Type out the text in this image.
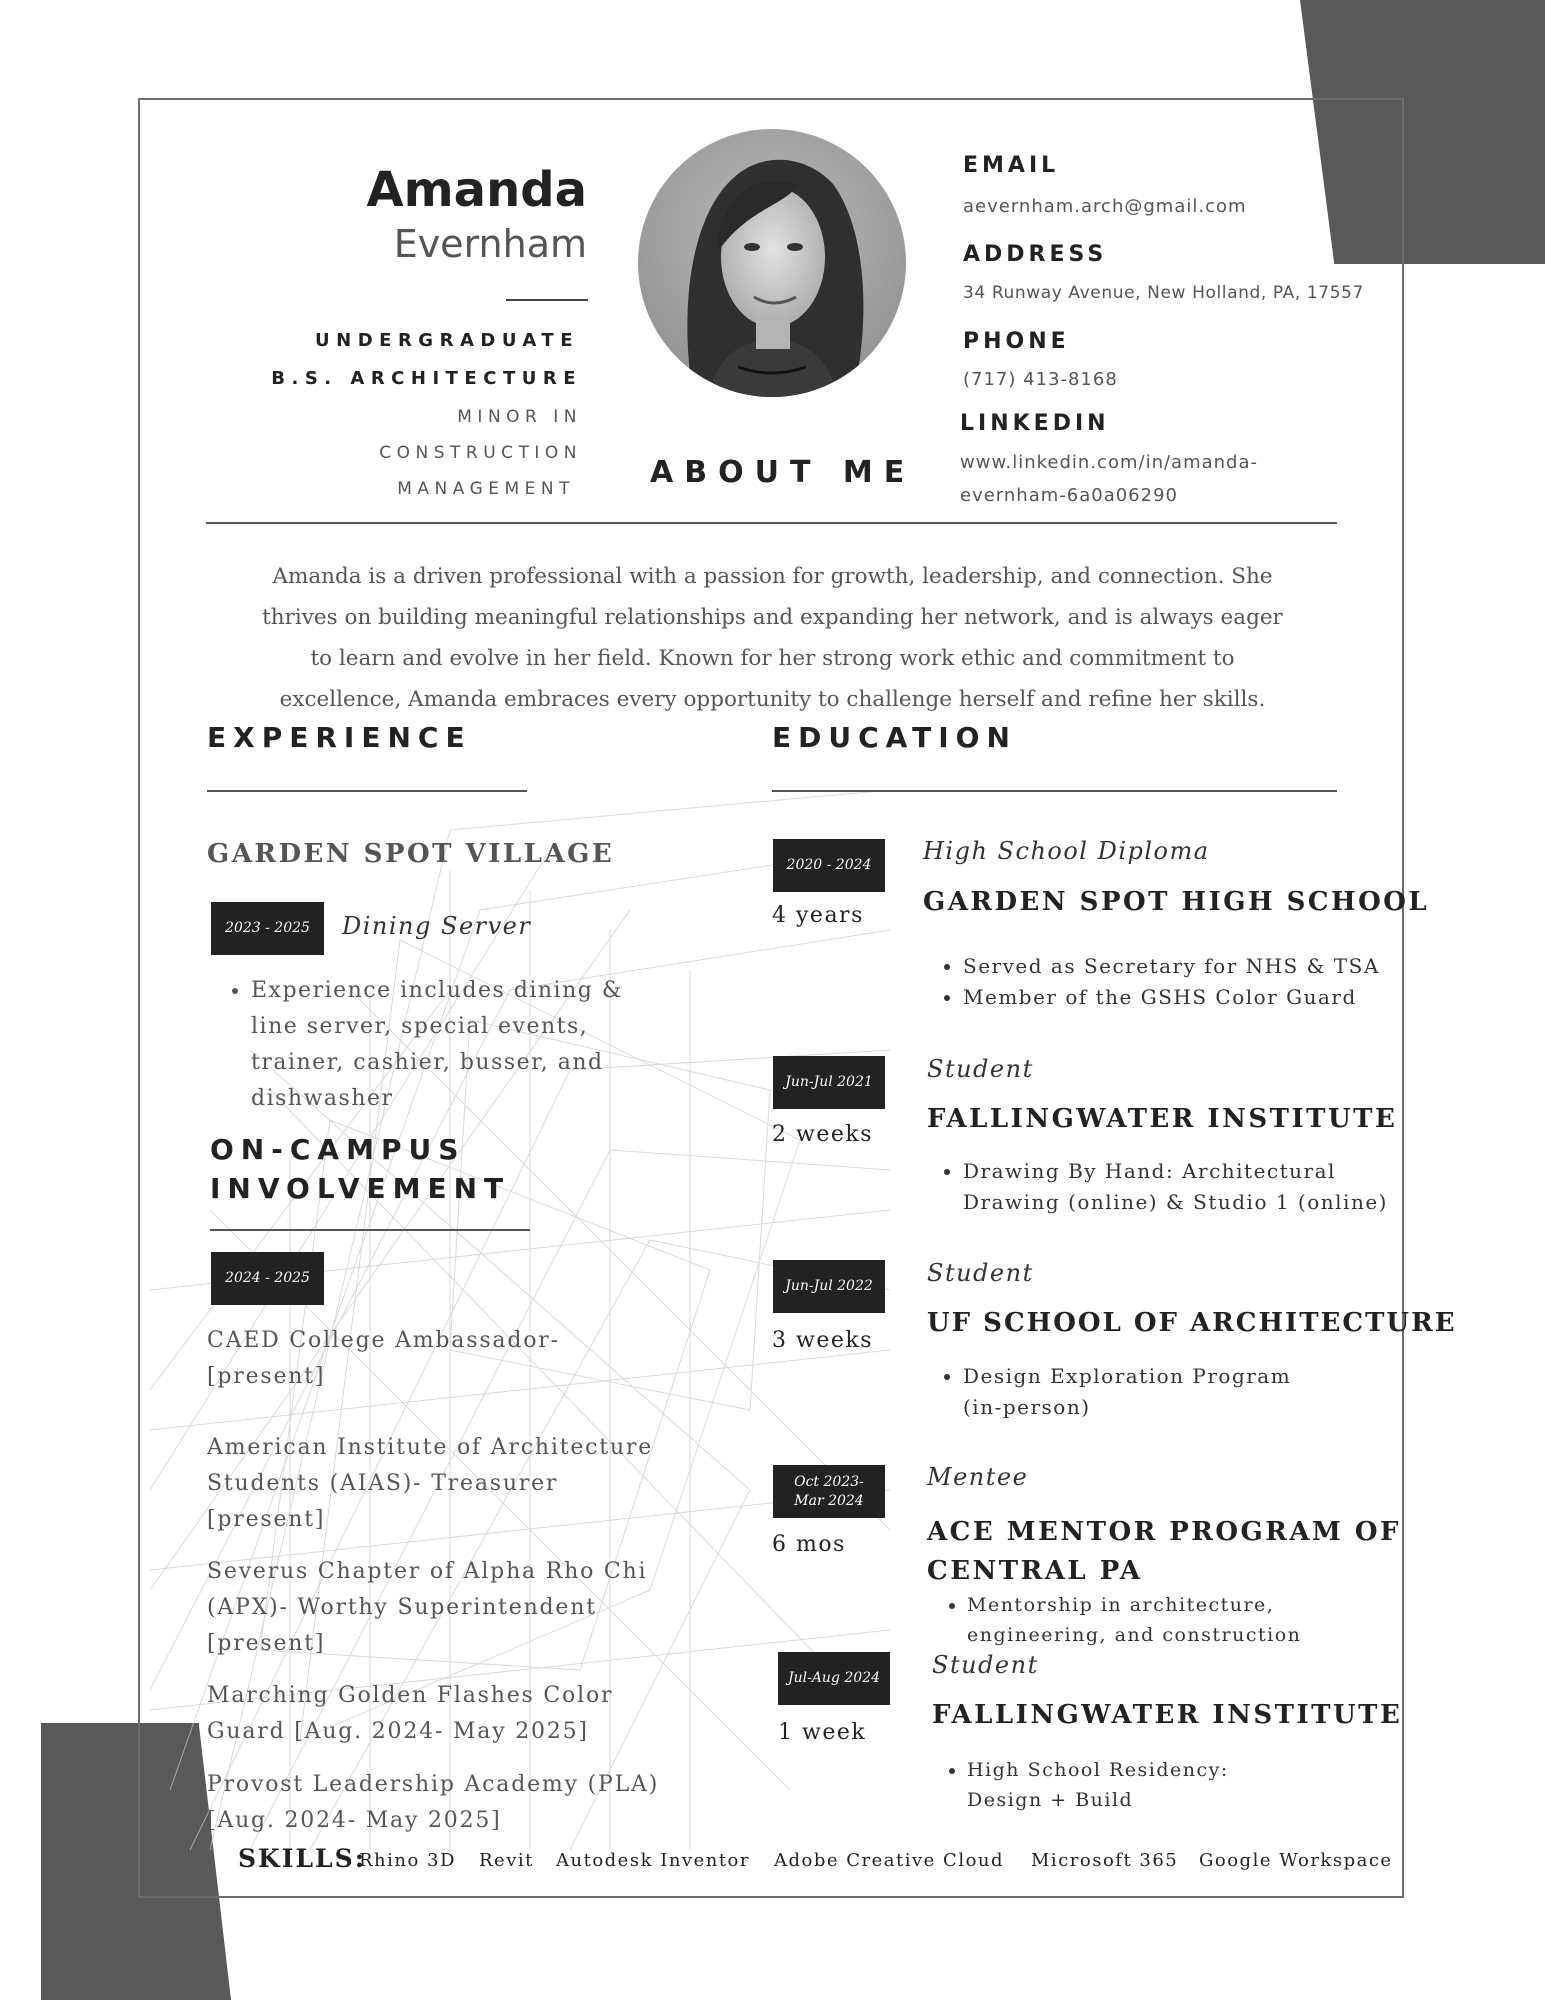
Amanda
Evernham
UNDERGRADUATE
B.S. ARCHITECTURE
MINOR IN
CONSTRUCTION
MANAGEMENT	ABOUT ME
EMAIL
aevernham.arch@gmail.com
ADDRESS
34 Runway Avenue, New Holland, PA, 17557
PHONE
(717) 413-8168
LINKEDIN
www.linkedin.com/in/amanda-
evernham-6a0a06290
Amanda is a driven professional with a passion for growth, leadership, and connection. She
thrives on building meaningful relationships and expanding her network, and is always eager
to learn and evolve in her field. Known for her strong work ethic and commitment to
excellence, Amanda embraces every opportunity to challenge herself and refine her skills.
EXPERIENCE
GARDEN SPOT VILLAGE
2023 - 2025	Dining Server
• Experience includes dining &
line server, special events,
trainer, cashier, busser, and
dishwasher
ON-CAMPUS
INVOLVEMENT
2024 - 2025
CAED College Ambassador-
[present]
American Institute of Architecture
Students (AIAS)- Treasurer
[present]
Severus Chapter of Alpha Rho Chi
(APX)- Worthy Superintendent
[present]
Marching Golden Flashes Color
Guard [Aug. 2024- May 2025]
Provost Leadership Academy (PLA)
[Aug. 2024- May 2025]
EDUCATION
2020 - 2024
4 years
High School Diploma
GARDEN SPOT HIGH SCHOOL
• Served as Secretary for NHS & TSA
• Member of the GSHS Color Guard
Jun-Jul 2021
2 weeks
Student
FALLINGWATER INSTITUTE
• Drawing By Hand: Architectural
Drawing (online) & Studio 1 (online)
Jun-Jul 2022
3 weeks
Student
UF SCHOOL OF ARCHITECTURE
• Design Exploration Program
(in-person)
Oct 2023-
Mar 2024
6 mos
Mentee
ACE MENTOR PROGRAM OF
CENTRAL PA
• Mentorship in architecture,
engineering, and construction
Jul-Aug 2024
1 week
Student
FALLINGWATER INSTITUTE
• High School Residency:
Design + Build
SKILLS:
Rhino 3D Revit Autodesk Inventor Adobe Creative Cloud Microsoft 365 Google Workspace
